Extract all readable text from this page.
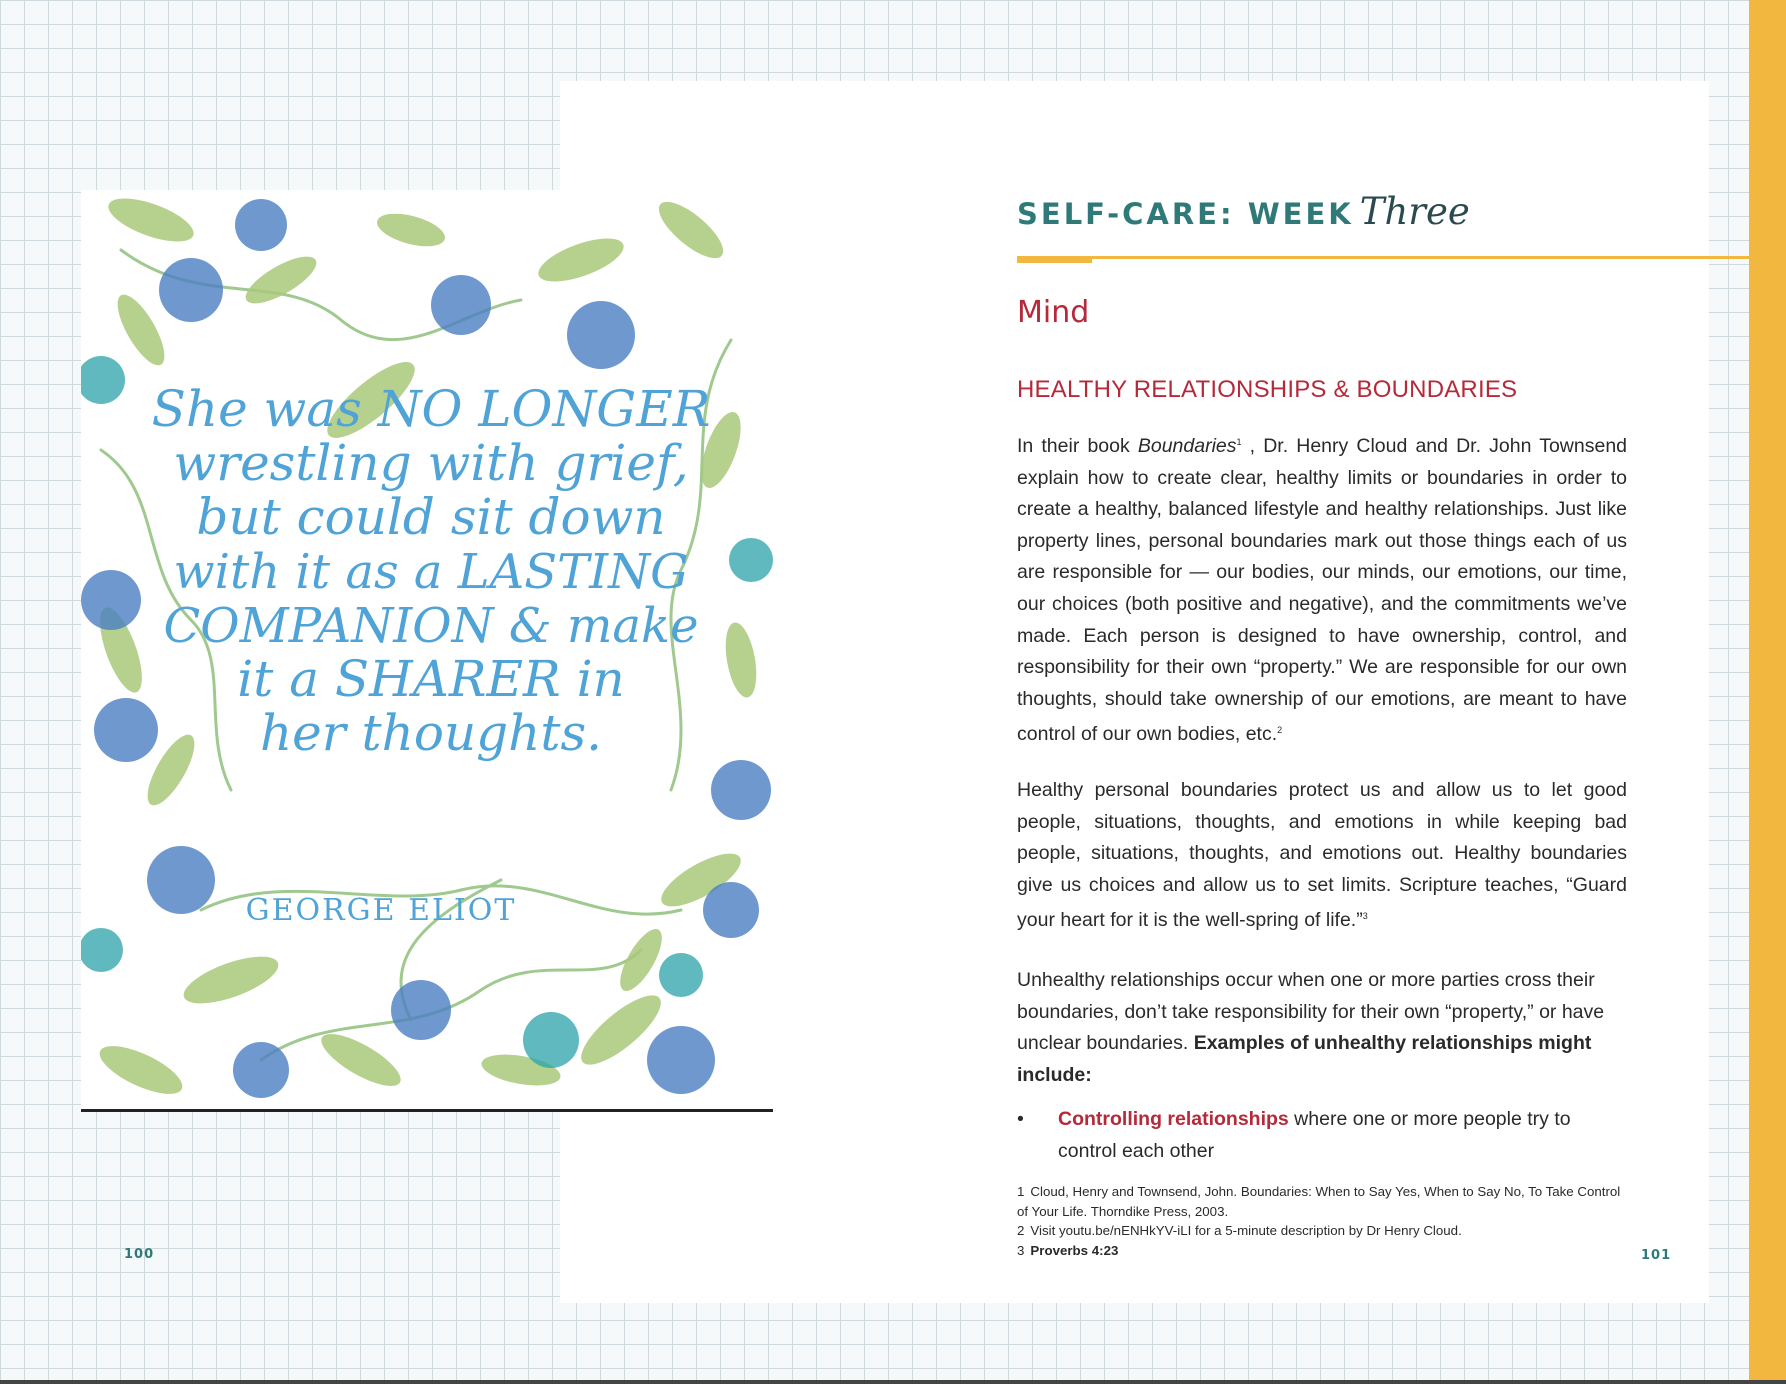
She was NO LONGER
wrestling with grief,
but could sit down
with it as a LASTING
COMPANION & make
it a SHARER in
her thoughts.
GEORGE ELIOT
100
SELF-CARE: WEEK Three
Mind
HEALTHY RELATIONSHIPS & BOUNDARIES
In their book Boundaries$^1$ , Dr. Henry Cloud and Dr. John Townsend explain how to create clear, healthy limits or boundaries in order to create a healthy, balanced lifestyle and healthy relationships. Just like property lines, personal boundaries mark out those things each of us are responsible for — our bodies, our minds, our emotions, our time, our choices (both positive and negative), and the commitments we’ve made. Each person is designed to have ownership, control, and responsibility for their own “property.” We are responsible for our own thoughts, should take ownership of our emotions, are meant to have control of our own bodies, etc.$^2$
Healthy personal boundaries protect us and allow us to let good people, situations, thoughts, and emotions in while keeping bad people, situations, thoughts, and emotions out. Healthy boundaries give us choices and allow us to set limits. Scripture teaches, “Guard your heart for it is the well-spring of life.”$^3$
Unhealthy relationships occur when one or more parties cross their boundaries, don’t take responsibility for their own “property,” or have unclear boundaries. Examples of unhealthy relationships might include:
• Controlling relationships where one or more people try to control each other
1 Cloud, Henry and Townsend, John. Boundaries: When to Say Yes, When to Say No, To Take Control of Your Life. Thorndike Press, 2003.
2 Visit youtu.be/nENHkYV-iLI for a 5-minute description by Dr Henry Cloud.
3 Proverbs 4:23	101
